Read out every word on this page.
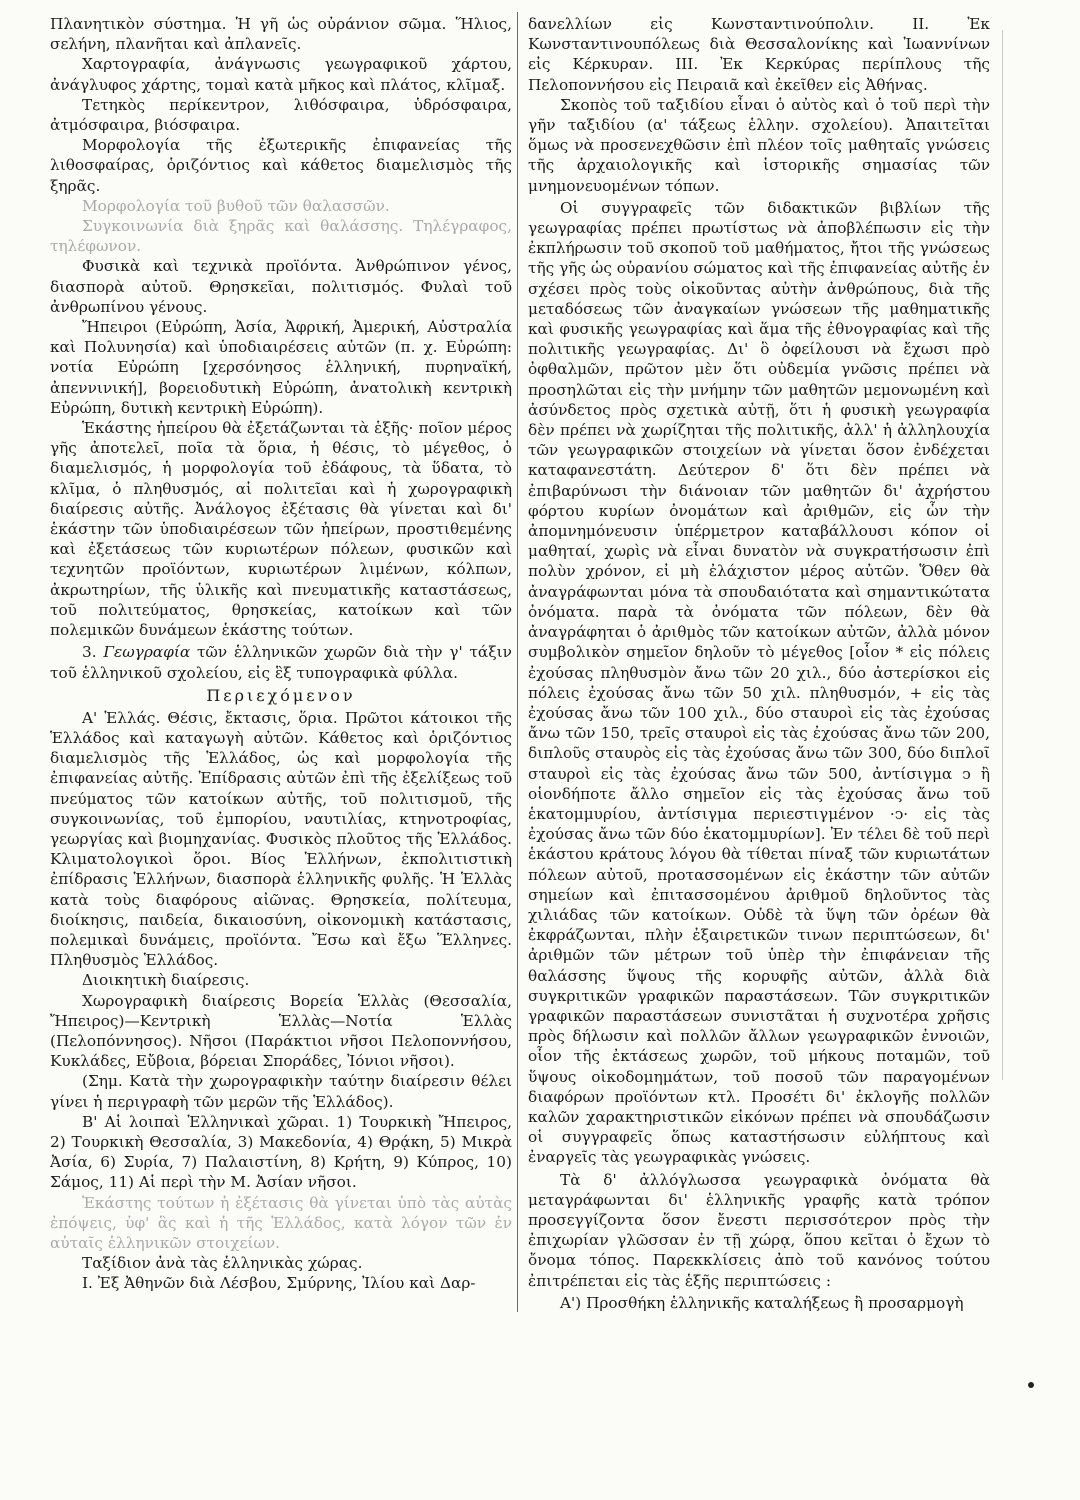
Πλανητικὸν σύστημα. Ἡ γῆ ὡς οὐράνιον σῶμα. Ἥλιος, σελήνη, πλανῆται καὶ ἀπλανεῖς.

Χαρτογραφία, ἀνάγνωσις γεωγραφικοῦ χάρτου, ἀνάγλυφος χάρτης, τομαὶ κατὰ μῆκος καὶ πλάτος, κλῖμαξ.

Τετηκὸς περίκεντρον, λιθόσφαιρα, ὑδρόσφαιρα, ἀτμόσφαιρα, βιόσφαιρα.

Μορφολογία τῆς ἐξωτερικῆς ἐπιφανείας τῆς λιθοσφαίρας, ὁριζόντιος καὶ κάθετος διαμελισμὸς τῆς ξηρᾶς.

Μορφολογία τοῦ βυθοῦ τῶν θαλασσῶν.

Συγκοινωνία διὰ ξηρᾶς καὶ θαλάσσης. Τηλέγραφος, τηλέφωνον.

Φυσικὰ καὶ τεχνικὰ προϊόντα. Ἀνθρώπινον γένος, διασπορὰ αὐτοῦ. Θρησκεῖαι, πολιτισμός. Φυλαὶ τοῦ ἀνθρωπίνου γένους.

Ἤπειροι (Εὐρώπη, Ἀσία, Ἀφρική, Ἀμερική, Αὐστραλία καὶ Πολυνησία) καὶ ὑποδιαιρέσεις αὐτῶν (π. χ. Εὐρώπη: νοτία Εὐρώπη [χερσόνησος ἑλληνική, πυρηναϊκή, ἀπεννινική], βορειοδυτικὴ Εὐρώπη, ἀνατολικὴ κεντρικὴ Εὐρώπη, δυτικὴ κεντρικὴ Εὐρώπη).

Ἑκάστης ἠπείρου θὰ ἐξετάζωνται τὰ ἑξῆς· ποῖον μέρος γῆς ἀποτελεῖ, ποῖα τὰ ὅρια, ἡ θέσις, τὸ μέγεθος, ὁ διαμελισμός, ἡ μορφολογία τοῦ ἐδάφους, τὰ ὕδατα, τὸ κλῖμα, ὁ πληθυσμός, αἱ πολιτεῖαι καὶ ἡ χωρογραφικὴ διαίρεσις αὐτῆς. Ἀνάλογος ἐξέτασις θὰ γίνεται καὶ δι' ἑκάστην τῶν ὑποδιαιρέσεων τῶν ἠπείρων, προστιθεμένης καὶ ἐξετάσεως τῶν κυριωτέρων πόλεων, φυσικῶν καὶ τεχνητῶν προϊόντων, κυριωτέρων λιμένων, κόλπων, ἀκρωτηρίων, τῆς ὑλικῆς καὶ πνευματικῆς καταστάσεως, τοῦ πολιτεύματος, θρησκείας, κατοίκων καὶ τῶν πολεμικῶν δυνάμεων ἑκάστης τούτων.

3. Γεωγραφία τῶν ἑλληνικῶν χωρῶν διὰ τὴν γ' τάξιν τοῦ ἑλληνικοῦ σχολείου, εἰς ἓξ τυπογραφικὰ φύλλα.

Περιεχόμενον

Α' Ἑλλάς. Θέσις, ἔκτασις, ὅρια. Πρῶτοι κάτοικοι τῆς Ἑλλάδος καὶ καταγωγὴ αὐτῶν. Κάθετος καὶ ὁριζόντιος διαμελισμὸς τῆς Ἑλλάδος, ὡς καὶ μορφολογία τῆς ἐπιφανείας αὐτῆς. Ἐπίδρασις αὐτῶν ἐπὶ τῆς ἐξελίξεως τοῦ πνεύματος τῶν κατοίκων αὐτῆς, τοῦ πολιτισμοῦ, τῆς συγκοινωνίας, τοῦ ἐμπορίου, ναυτιλίας, κτηνοτροφίας, γεωργίας καὶ βιομηχανίας. Φυσικὸς πλοῦτος τῆς Ἑλλάδος. Κλιματολογικοὶ ὅροι. Βίος Ἑλλήνων, ἐκπολιτιστικὴ ἐπίδρασις Ἑλλήνων, διασπορὰ ἑλληνικῆς φυλῆς. Ἡ Ἑλλὰς κατὰ τοὺς διαφόρους αἰῶνας. Θρησκεία, πολίτευμα, διοίκησις, παιδεία, δικαιοσύνη, οἰκονομικὴ κατάστασις, πολεμικαὶ δυνάμεις, προϊόντα. Ἔσω καὶ ἔξω Ἕλληνες. Πληθυσμὸς Ἑλλάδος.

Διοικητικὴ διαίρεσις.

Χωρογραφικὴ διαίρεσις Βορεία Ἑλλὰς (Θεσσαλία, Ἤπειρος)—Κεντρικὴ Ἑλλὰς—Νοτία Ἑλλὰς (Πελοπόννησος). Νῆσοι (Παράκτιοι νῆσοι Πελοποννήσου, Κυκλάδες, Εὔβοια, βόρειαι Σποράδες, Ἰόνιοι νῆσοι).

(Σημ. Κατὰ τὴν χωρογραφικὴν ταύτην διαίρεσιν θέλει γίνει ἡ περιγραφὴ τῶν μερῶν τῆς Ἑλλάδος).

Β' Αἱ λοιπαὶ Ἑλληνικαὶ χῶραι. 1) Τουρκικὴ Ἤπειρος, 2) Τουρκικὴ Θεσσαλία, 3) Μακεδονία, 4) Θρᾴκη, 5) Μικρὰ Ἀσία, 6) Συρία, 7) Παλαιστίνη, 8) Κρήτη, 9) Κύπρος, 10) Σάμος, 11) Αἱ περὶ τὴν Μ. Ἀσίαν νῆσοι.

Ἑκάστης τούτων ἡ ἐξέτασις θὰ γίνεται ὑπὸ τὰς αὐτὰς ἐπόψεις, ὑφ' ἃς καὶ ἡ τῆς Ἑλλάδος, κατὰ λόγον τῶν ἐν αὐταῖς ἑλληνικῶν στοιχείων.

Ταξίδιον ἀνὰ τὰς ἑλληνικὰς χώρας.

Ι. Ἐξ Ἀθηνῶν διὰ Λέσβου, Σμύρνης, Ἰλίου καὶ Δαρ-

δανελλίων εἰς Κωνσταντινούπολιν. ΙΙ. Ἐκ Κωνσταντινουπόλεως διὰ Θεσσαλονίκης καὶ Ἰωαννίνων εἰς Κέρκυραν. ΙΙΙ. Ἐκ Κερκύρας περίπλους τῆς Πελοποννήσου εἰς Πειραιᾶ καὶ ἐκεῖθεν εἰς Ἀθήνας.

Σκοπὸς τοῦ ταξιδίου εἶναι ὁ αὐτὸς καὶ ὁ τοῦ περὶ τὴν γῆν ταξιδίου (α' τάξεως ἑλλην. σχολείου). Ἀπαιτεῖται ὅμως νὰ προσενεχθῶσιν ἐπὶ πλέον τοῖς μαθηταῖς γνώσεις τῆς ἀρχαιολογικῆς καὶ ἱστορικῆς σημασίας τῶν μνημονευομένων τόπων.

Οἱ συγγραφεῖς τῶν διδακτικῶν βιβλίων τῆς γεωγραφίας πρέπει πρωτίστως νὰ ἀποβλέπωσιν εἰς τὴν ἐκπλήρωσιν τοῦ σκοποῦ τοῦ μαθήματος, ἤτοι τῆς γνώσεως τῆς γῆς ὡς οὐρανίου σώματος καὶ τῆς ἐπιφανείας αὐτῆς ἐν σχέσει πρὸς τοὺς οἰκοῦντας αὐτὴν ἀνθρώπους, διὰ τῆς μεταδόσεως τῶν ἀναγκαίων γνώσεων τῆς μαθηματικῆς καὶ φυσικῆς γεωγραφίας καὶ ἅμα τῆς ἐθνογραφίας καὶ τῆς πολιτικῆς γεωγραφίας. Δι' ὃ ὀφείλουσι νὰ ἔχωσι πρὸ ὀφθαλμῶν, πρῶτον μὲν ὅτι οὐδεμία γνῶσις πρέπει νὰ προσηλῶται εἰς τὴν μνήμην τῶν μαθητῶν μεμονωμένη καὶ ἀσύνδετος πρὸς σχετικὰ αὐτῇ, ὅτι ἡ φυσικὴ γεωγραφία δὲν πρέπει νὰ χωρίζηται τῆς πολιτικῆς, ἀλλ' ἡ ἀλληλουχία τῶν γεωγραφικῶν στοιχείων νὰ γίνεται ὅσον ἐνδέχεται καταφανεστάτη. Δεύτερον δ' ὅτι δὲν πρέπει νὰ ἐπιβαρύνωσι τὴν διάνοιαν τῶν μαθητῶν δι' ἀχρήστου φόρτου κυρίων ὀνομάτων καὶ ἀριθμῶν, εἰς ὧν τὴν ἀπομνημόνευσιν ὑπέρμετρον καταβάλλουσι κόπον οἱ μαθηταί, χωρὶς νὰ εἶναι δυνατὸν νὰ συγκρατήσωσιν ἐπὶ πολὺν χρόνον, εἰ μὴ ἐλάχιστον μέρος αὐτῶν. Ὅθεν θὰ ἀναγράφωνται μόνα τὰ σπουδαιότατα καὶ σημαντικώτατα ὀνόματα. παρὰ τὰ ὀνόματα τῶν πόλεων, δὲν θὰ ἀναγράφηται ὁ ἀριθμὸς τῶν κατοίκων αὐτῶν, ἀλλὰ μόνον συμβολικὸν σημεῖον δηλοῦν τὸ μέγεθος [οἷον * εἰς πόλεις ἐχούσας πληθυσμὸν ἄνω τῶν 20 χιλ., δύο ἀστερίσκοι εἰς πόλεις ἐχούσας ἄνω τῶν 50 χιλ. πληθυσμόν, + εἰς τὰς ἐχούσας ἄνω τῶν 100 χιλ., δύο σταυροὶ εἰς τὰς ἐχούσας ἄνω τῶν 150, τρεῖς σταυροὶ εἰς τὰς ἐχούσας ἄνω τῶν 200, διπλοῦς σταυρὸς εἰς τὰς ἐχούσας ἄνω τῶν 300, δύο διπλοῖ σταυροὶ εἰς τὰς ἐχούσας ἄνω τῶν 500, ἀντίσιγμα ↄ ἢ οἱονδήποτε ἄλλο σημεῖον εἰς τὰς ἐχούσας ἄνω τοῦ ἑκατομμυρίου, ἀντίσιγμα περιεστιγμένον ·ↄ· εἰς τὰς ἐχούσας ἄνω τῶν δύο ἑκατομμυρίων]. Ἐν τέλει δὲ τοῦ περὶ ἑκάστου κράτους λόγου θὰ τίθεται πίναξ τῶν κυριωτάτων πόλεων αὐτοῦ, προτασσομένων εἰς ἑκάστην τῶν αὐτῶν σημείων καὶ ἐπιτασσομένου ἀριθμοῦ δηλοῦντος τὰς χιλιάδας τῶν κατοίκων. Οὐδὲ τὰ ὕψη τῶν ὀρέων θὰ ἐκφράζωνται, πλὴν ἐξαιρετικῶν τινων περιπτώσεων, δι' ἀριθμῶν τῶν μέτρων τοῦ ὑπὲρ τὴν ἐπιφάνειαν τῆς θαλάσσης ὕψους τῆς κορυφῆς αὐτῶν, ἀλλὰ διὰ συγκριτικῶν γραφικῶν παραστάσεων. Τῶν συγκριτικῶν γραφικῶν παραστάσεων συνιστᾶται ἡ συχνοτέρα χρῆσις πρὸς δήλωσιν καὶ πολλῶν ἄλλων γεωγραφικῶν ἐννοιῶν, οἷον τῆς ἐκτάσεως χωρῶν, τοῦ μήκους ποταμῶν, τοῦ ὕψους οἰκοδομημάτων, τοῦ ποσοῦ τῶν παραγομένων διαφόρων προϊόντων κτλ. Προσέτι δι' ἐκλογῆς πολλῶν καλῶν χαρακτηριστικῶν εἰκόνων πρέπει νὰ σπουδάζωσιν οἱ συγγραφεῖς ὅπως καταστήσωσιν εὐλήπτους καὶ ἐναργεῖς τὰς γεωγραφικὰς γνώσεις.

Τὰ δ' ἀλλόγλωσσα γεωγραφικὰ ὀνόματα θὰ μεταγράφωνται δι' ἑλληνικῆς γραφῆς κατὰ τρόπον προσεγγίζοντα ὅσον ἔνεστι περισσότερον πρὸς τὴν ἐπιχωρίαν γλῶσσαν ἐν τῇ χώρᾳ, ὅπου κεῖται ὁ ἔχων τὸ ὄνομα τόπος. Παρεκκλίσεις ἀπὸ τοῦ κανόνος τούτου ἐπιτρέπεται εἰς τὰς ἑξῆς περιπτώσεις :

Α') Προσθήκη ἑλληνικῆς καταλήξεως ἢ προσαρμογὴ
